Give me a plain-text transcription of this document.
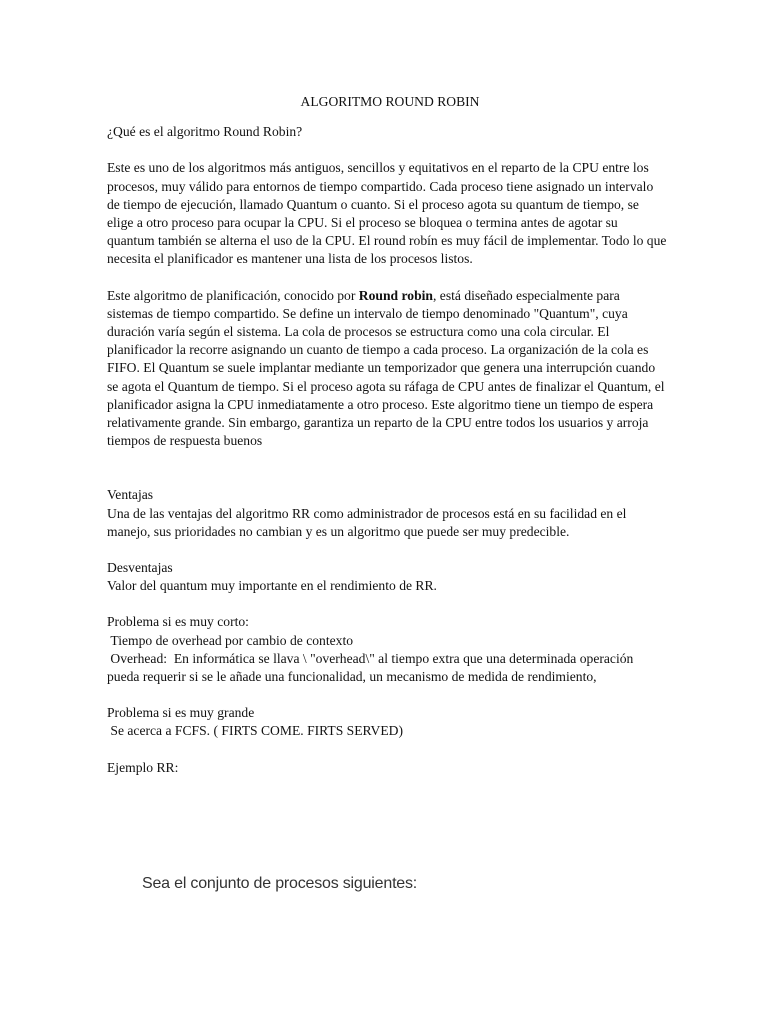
ALGORITMO ROUND ROBIN

¿Qué es el algoritmo Round Robin?

Este es uno de los algoritmos más antiguos, sencillos y equitativos en el reparto de la CPU entre los procesos, muy válido para entornos de tiempo compartido. Cada proceso tiene asignado un intervalo de tiempo de ejecución, llamado Quantum o cuanto. Si el proceso agota su quantum de tiempo, se elige a otro proceso para ocupar la CPU. Si el proceso se bloquea o termina antes de agotar su quantum también se alterna el uso de la CPU. El round robín es muy fácil de implementar. Todo lo que necesita el planificador es mantener una lista de los procesos listos.

Este algoritmo de planificación, conocido por Round robin, está diseñado especialmente para sistemas de tiempo compartido. Se define un intervalo de tiempo denominado "Quantum", cuya duración varía según el sistema. La cola de procesos se estructura como una cola circular. El planificador la recorre asignando un cuanto de tiempo a cada proceso. La organización de la cola es FIFO. El Quantum se suele implantar mediante un temporizador que genera una interrupción cuando se agota el Quantum de tiempo. Si el proceso agota su ráfaga de CPU antes de finalizar el Quantum, el planificador asigna la CPU inmediatamente a otro proceso. Este algoritmo tiene un tiempo de espera relativamente grande. Sin embargo, garantiza un reparto de la CPU entre todos los usuarios y arroja tiempos de respuesta buenos

Ventajas

Una de las ventajas del algoritmo RR como administrador de procesos está en su facilidad en el manejo, sus prioridades no cambian y es un algoritmo que puede ser muy predecible.

Desventajas

Valor del quantum muy importante en el rendimiento de RR.

Problema si es muy corto:

Tiempo de overhead por cambio de contexto

Overhead:  En informática se llava \ "overhead\" al tiempo extra que una determinada operación pueda requerir si se le añade una funcionalidad, un mecanismo de medida de rendimiento,

Problema si es muy grande

Se acerca a FCFS. ( FIRTS COME. FIRTS SERVED)

Ejemplo RR:

Sea el conjunto de procesos siguientes:
